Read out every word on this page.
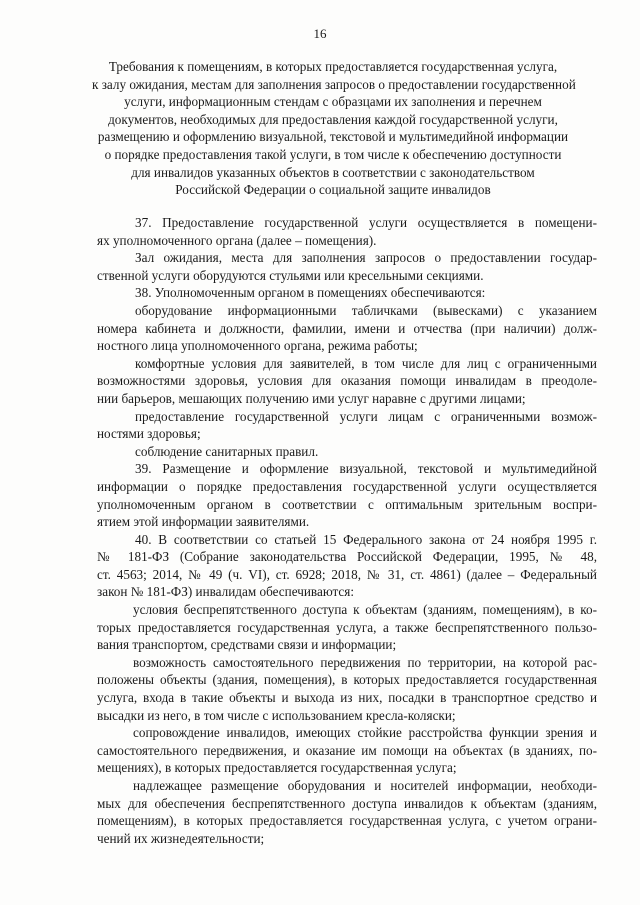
16
Требования к помещениям, в которых предоставляется государственная услуга,
к залу ожидания, местам для заполнения запросов о предоставлении государственной
услуги, информационным стендам с образцами их заполнения и перечнем
документов, необходимых для предоставления каждой государственной услуги,
размещению и оформлению визуальной, текстовой и мультимедийной информации
о порядке предоставления такой услуги, в том числе к обеспечению доступности
для инвалидов указанных объектов в соответствии с законодательством
Российской Федерации о социальной защите инвалидов
37. Предоставление государственной услуги осуществляется в помещени-
ях уполномоченного органа (далее – помещения).
Зал ожидания, места для заполнения запросов о предоставлении государ-
ственной услуги оборудуются стульями или кресельными секциями.
38. Уполномоченным органом в помещениях обеспечиваются:
оборудование информационными табличками (вывесками) с указанием
номера кабинета и должности, фамилии, имени и отчества (при наличии) долж-
ностного лица уполномоченного органа, режима работы;
комфортные условия для заявителей, в том числе для лиц с ограниченными
возможностями здоровья, условия для оказания помощи инвалидам в преодоле-
нии барьеров, мешающих получению ими услуг наравне с другими лицами;
предоставление государственной услуги лицам с ограниченными возмож-
ностями здоровья;
соблюдение санитарных правил.
39. Размещение и оформление визуальной, текстовой и мультимедийной
информации о порядке предоставления государственной услуги осуществляется
уполномоченным органом в соответствии с оптимальным зрительным воспри-
ятием этой информации заявителями.
40. В соответствии со статьей 15 Федерального закона от 24 ноября 1995 г.
№ 181-ФЗ (Собрание законодательства Российской Федерации, 1995, № 48,
ст. 4563; 2014, № 49 (ч. VI), ст. 6928; 2018, № 31, ст. 4861) (далее – Федеральный
закон № 181-ФЗ) инвалидам обеспечиваются:
условия беспрепятственного доступа к объектам (зданиям, помещениям), в ко-
торых предоставляется государственная услуга, а также беспрепятственного пользо-
вания транспортом, средствами связи и информации;
возможность самостоятельного передвижения по территории, на которой рас-
положены объекты (здания, помещения), в которых предоставляется государственная
услуга, входа в такие объекты и выхода из них, посадки в транспортное средство и
высадки из него, в том числе с использованием кресла-коляски;
сопровождение инвалидов, имеющих стойкие расстройства функции зрения и
самостоятельного передвижения, и оказание им помощи на объектах (в зданиях, по-
мещениях), в которых предоставляется государственная услуга;
надлежащее размещение оборудования и носителей информации, необходи-
мых для обеспечения беспрепятственного доступа инвалидов к объектам (зданиям,
помещениям), в которых предоставляется государственная услуга, с учетом ограни-
чений их жизнедеятельности;
